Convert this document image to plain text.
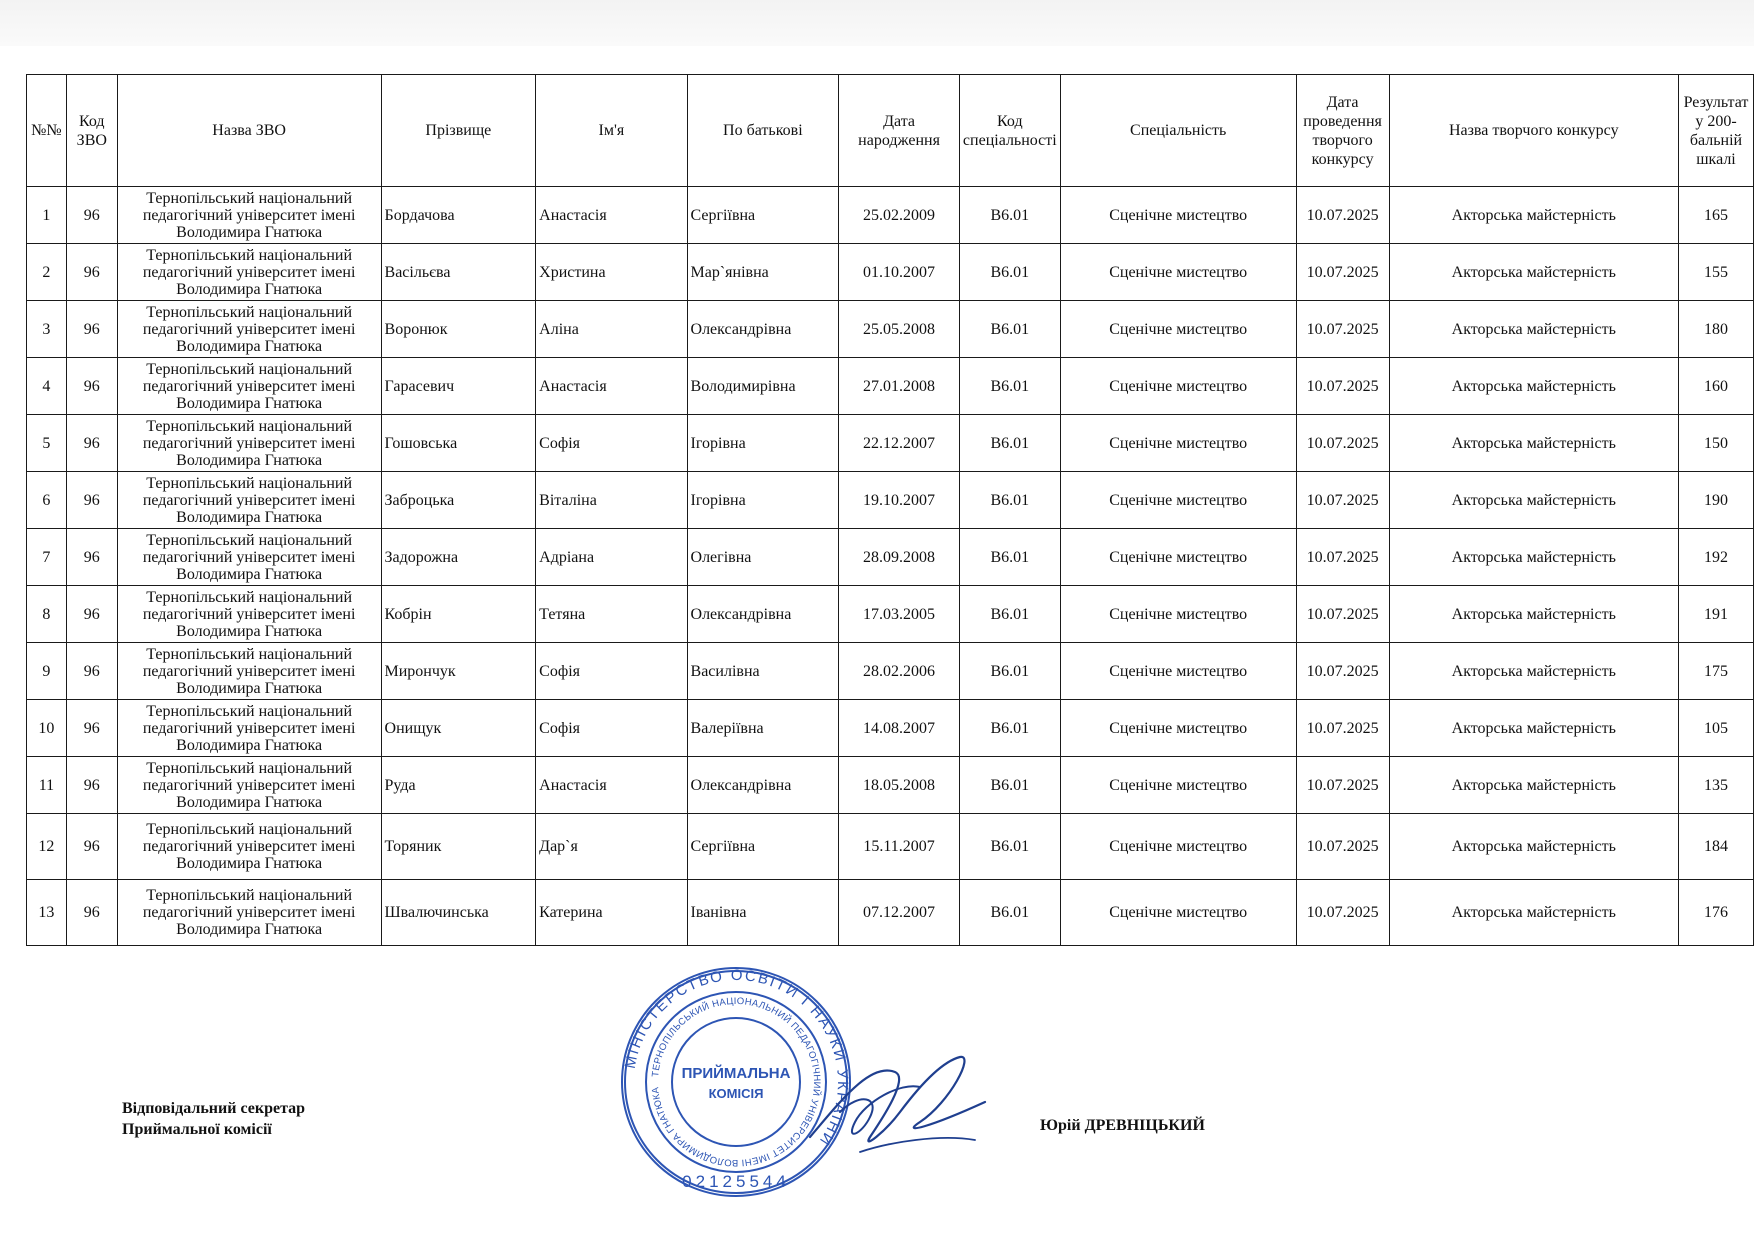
№№	Код ЗВО	Назва ЗВО	Прізвище	Ім'я	По батькові	Дата народження	Код спеціальності	Спеціальність	Дата проведення творчого конкурсу	Назва творчого конкурсу	Результат у 200-бальній шкалі
1	96	Тернопільський національний педагогічний університет імені Володимира Гнатюка	Бордачова	Анастасія	Сергіївна	25.02.2009	В6.01	Сценічне мистецтво	10.07.2025	Акторська майстерність	165
2	96	Тернопільський національний педагогічний університет імені Володимира Гнатюка	Васільєва	Христина	Мар`янівна	01.10.2007	В6.01	Сценічне мистецтво	10.07.2025	Акторська майстерність	155
3	96	Тернопільський національний педагогічний університет імені Володимира Гнатюка	Воронюк	Аліна	Олександрівна	25.05.2008	В6.01	Сценічне мистецтво	10.07.2025	Акторська майстерність	180
4	96	Тернопільський національний педагогічний університет імені Володимира Гнатюка	Гарасевич	Анастасія	Володимирівна	27.01.2008	В6.01	Сценічне мистецтво	10.07.2025	Акторська майстерність	160
5	96	Тернопільський національний педагогічний університет імені Володимира Гнатюка	Гошовська	Софія	Ігорівна	22.12.2007	В6.01	Сценічне мистецтво	10.07.2025	Акторська майстерність	150
6	96	Тернопільський національний педагогічний університет імені Володимира Гнатюка	Заброцька	Віталіна	Ігорівна	19.10.2007	В6.01	Сценічне мистецтво	10.07.2025	Акторська майстерність	190
7	96	Тернопільський національний педагогічний університет імені Володимира Гнатюка	Задорожна	Адріана	Олегівна	28.09.2008	В6.01	Сценічне мистецтво	10.07.2025	Акторська майстерність	192
8	96	Тернопільський національний педагогічний університет імені Володимира Гнатюка	Кобрін	Тетяна	Олександрівна	17.03.2005	В6.01	Сценічне мистецтво	10.07.2025	Акторська майстерність	191
9	96	Тернопільський національний педагогічний університет імені Володимира Гнатюка	Мирончук	Софія	Василівна	28.02.2006	В6.01	Сценічне мистецтво	10.07.2025	Акторська майстерність	175
10	96	Тернопільський національний педагогічний університет імені Володимира Гнатюка	Онищук	Софія	Валеріївна	14.08.2007	В6.01	Сценічне мистецтво	10.07.2025	Акторська майстерність	105
11	96	Тернопільський національний педагогічний університет імені Володимира Гнатюка	Руда	Анастасія	Олександрівна	18.05.2008	В6.01	Сценічне мистецтво	10.07.2025	Акторська майстерність	135
12	96	Тернопільський національний педагогічний університет імені Володимира Гнатюка	Торяник	Дар`я	Сергіївна	15.11.2007	В6.01	Сценічне мистецтво	10.07.2025	Акторська майстерність	184
13	96	Тернопільський національний педагогічний університет імені Володимира Гнатюка	Швалючинська	Катерина	Іванівна	07.12.2007	В6.01	Сценічне мистецтво	10.07.2025	Акторська майстерність	176
Відповідальний секретар
Приймальної комісії	Юрій ДРЕВНІЦЬКИЙ
МІНІСТЕРСТВО ОСВІТИ І НАУКИ УКРАЇНИ
ТЕРНОПІЛЬСЬКИЙ НАЦІОНАЛЬНИЙ ПЕДАГОГІЧНИЙ УНІВЕРСИТЕТ ІМЕНІ ВОЛОДИМИРА ГНАТЮКА
ПРИЙМАЛЬНА
КОМІСІЯ
02125544
